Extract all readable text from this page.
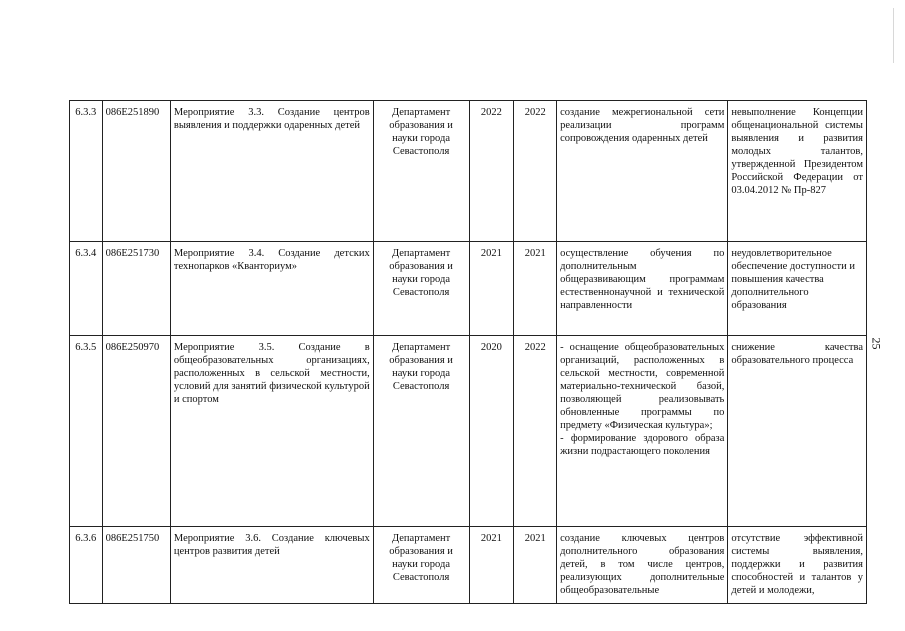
6.3.3	086E251890	Мероприятие 3.3. Создание центров выявления и поддержки одаренных детей	Департамент образования и науки города Севастополя	2022	2022	создание межрегиональной сети реализации программ сопровождения одаренных детей	невыполнение Концепции общенациональной системы выявления и развития молодых талантов, утвержденной Президентом Российской Федерации от 03.04.2012 № Пр-827
6.3.4	086E251730	Мероприятие 3.4. Создание детских технопарков «Кванториум»	Департамент образования и науки города Севастополя	2021	2021	осуществление обучения по дополнительным общеразвивающим программам естественнонаучной и технической направленности	неудовлетворительное обеспечение доступности и повышения качества дополнительного образования
6.3.5	086E250970	Мероприятие 3.5. Создание в общеобразовательных организациях, расположенных в сельской местности, условий для занятий физической культурой и спортом	Департамент образования и науки города Севастополя	2020	2022	- оснащение общеобразовательных организаций, расположенных в сельской местности, современной материально-технической базой, позволяющей реализовывать обновленные программы по предмету «Физическая культура»;
- формирование здорового образа жизни подрастающего поколения	снижение качества образовательного процесса
6.3.6	086E251750	Мероприятие 3.6. Создание ключевых центров развития детей	Департамент образования и науки города Севастополя	2021	2021	создание ключевых центров дополнительного образования детей, в том числе центров, реализующих дополнительные общеобразовательные	отсутствие эффективной системы выявления, поддержки и развития способностей и талантов у детей и молодежи,
25
